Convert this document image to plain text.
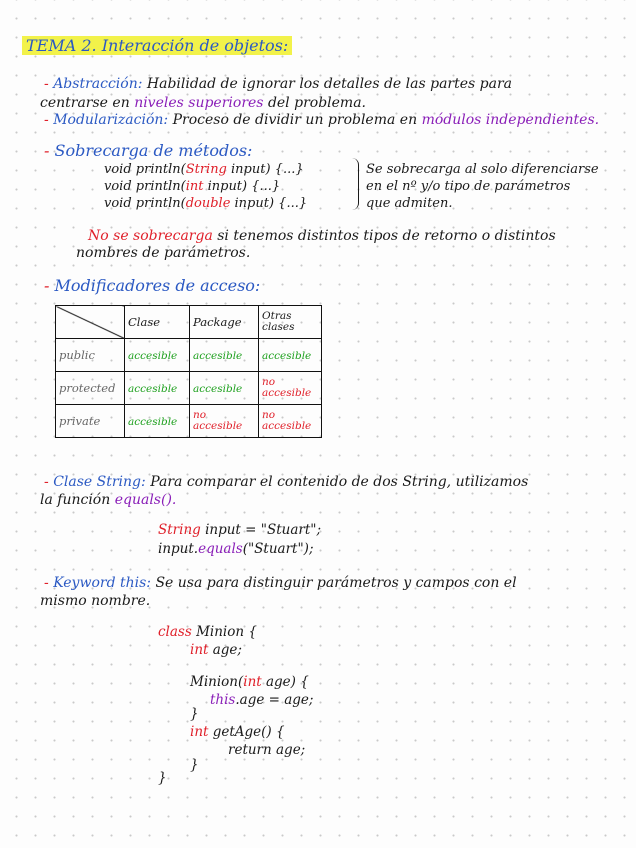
TEMA 2. Interacción de objetos:
- Abstracción: Habilidad de ignorar los detalles de las partes para
centrarse en niveles superiores del problema.
- Modularización: Proceso de dividir un problema en módulos independientes.
- Sobrecarga de métodos:
void println(String input) {...}
void println(int input) {...}
void println(double input) {...}
Se sobrecarga al solo diferenciarse
en el nº y/o tipo de parámetros
que admiten.
No se sobrecarga si tenemos distintos tipos de retorno o distintos
nombres de parámetros.
- Modificadores de acceso:
	Clase	Package	Otras clases
public	accesible	accesible	accesible
protected	accesible	accesible	no accesible
private	accesible	no accesible	no accesible
- Clase String: Para comparar el contenido de dos String, utilizamos
la función equals().
String input = "Stuart";
input.equals("Stuart");
- Keyword this: Se usa para distinguir parámetros y campos con el
mismo nombre.
class Minion {
int age;
Minion(int age) {
this.age = age;
}
int getAge() {
return age;
}
}
